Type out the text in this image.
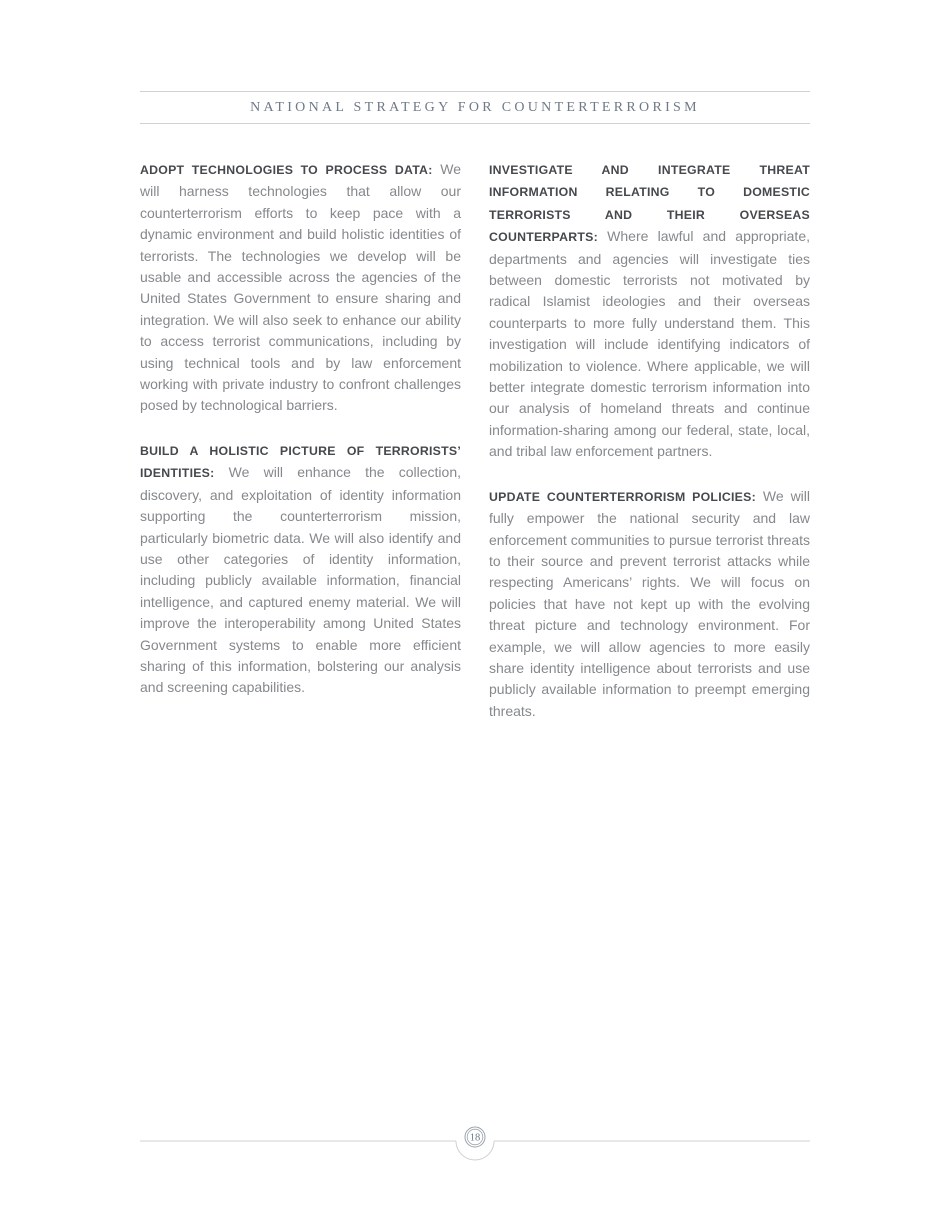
NATIONAL STRATEGY FOR COUNTERTERRORISM

ADOPT TECHNOLOGIES TO PROCESS DATA: We will harness technologies that allow our counterterrorism efforts to keep pace with a dynamic environment and build holistic identities of terrorists. The technologies we develop will be usable and accessible across the agencies of the United States Government to ensure sharing and integration. We will also seek to enhance our ability to access terrorist communications, including by using technical tools and by law enforcement working with private industry to confront challenges posed by technological barriers.

BUILD A HOLISTIC PICTURE OF TERRORISTS’ IDENTITIES: We will enhance the collection, discovery, and exploitation of identity information supporting the counterterrorism mission, particularly biometric data. We will also identify and use other categories of identity information, including publicly available information, financial intelligence, and captured enemy material. We will improve the interoperability among United States Government systems to enable more efficient sharing of this information, bolstering our analysis and screening capabilities.

INVESTIGATE AND INTEGRATE THREAT INFORMATION RELATING TO DOMESTIC TERRORISTS AND THEIR OVERSEAS COUNTERPARTS: Where lawful and appropriate, departments and agencies will investigate ties between domestic terrorists not motivated by radical Islamist ideologies and their overseas counterparts to more fully understand them. This investigation will include identifying indicators of mobilization to violence. Where applicable, we will better integrate domestic terrorism information into our analysis of homeland threats and continue information-sharing among our federal, state, local, and tribal law enforcement partners.

UPDATE COUNTERTERRORISM POLICIES: We will fully empower the national security and law enforcement communities to pursue terrorist threats to their source and prevent terrorist attacks while respecting Americans’ rights. We will focus on policies that have not kept up with the evolving threat picture and technology environment. For example, we will allow agencies to more easily share identity intelligence about terrorists and use publicly available information to preempt emerging threats.

18
